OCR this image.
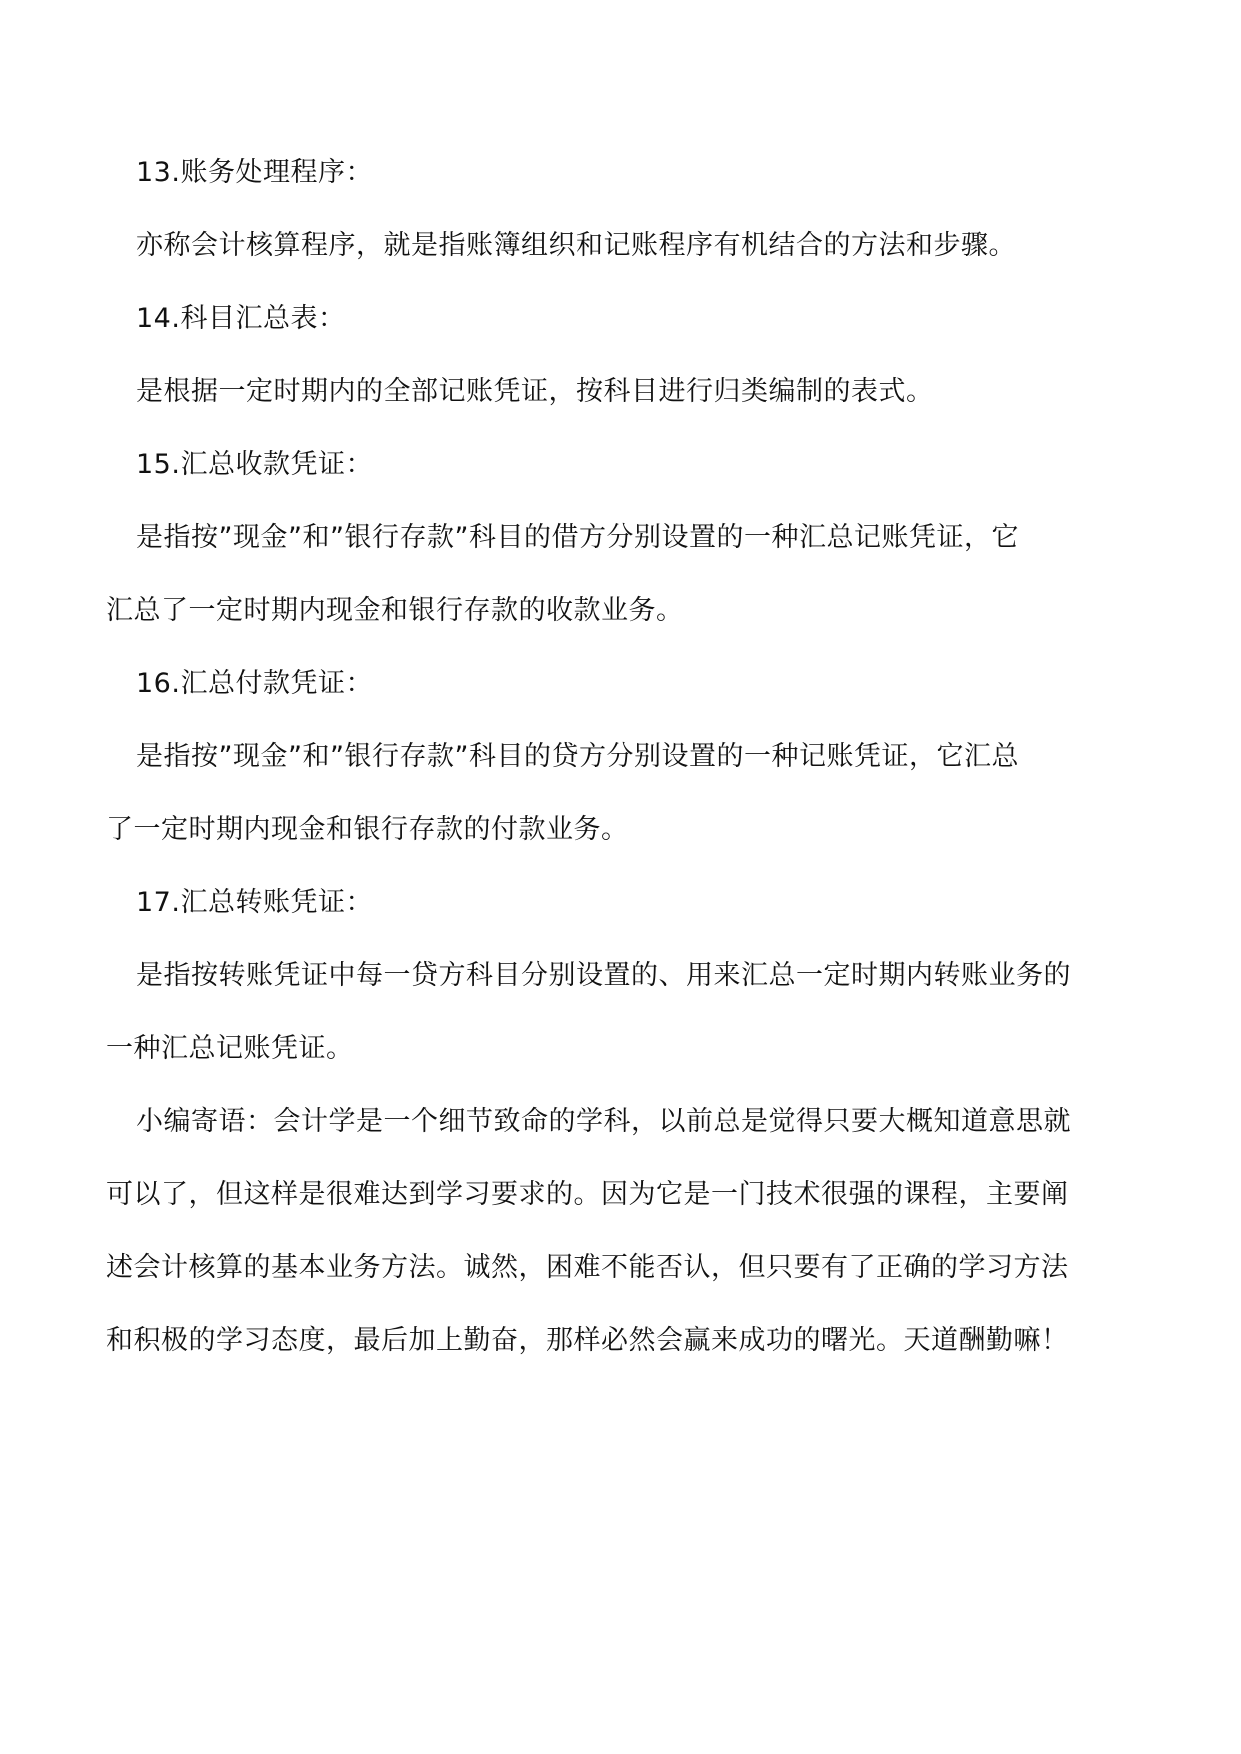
13.账务处理程序：
亦称会计核算程序，就是指账簿组织和记账程序有机结合的方法和步骤。
14.科目汇总表：
是根据一定时期内的全部记账凭证，按科目进行归类编制的表式。
15.汇总收款凭证：
是指按”现金”和”银行存款”科目的借方分别设置的一种汇总记账凭证，它
汇总了一定时期内现金和银行存款的收款业务。
16.汇总付款凭证：
是指按”现金”和”银行存款”科目的贷方分别设置的一种记账凭证，它汇总
了一定时期内现金和银行存款的付款业务。
17.汇总转账凭证：
是指按转账凭证中每一贷方科目分别设置的、用来汇总一定时期内转账业务的
一种汇总记账凭证。
小编寄语：会计学是一个细节致命的学科，以前总是觉得只要大概知道意思就
可以了，但这样是很难达到学习要求的。因为它是一门技术很强的课程，主要阐
述会计核算的基本业务方法。诚然，困难不能否认，但只要有了正确的学习方法
和积极的学习态度，最后加上勤奋，那样必然会赢来成功的曙光。天道酬勤嘛！
